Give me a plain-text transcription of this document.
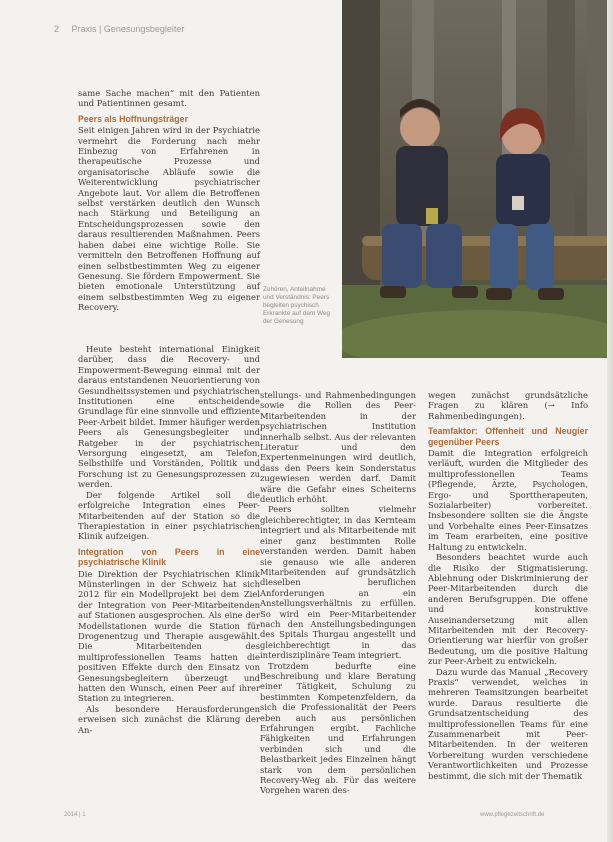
2 Praxis | Genesungsbegleiter
Zuhören, Anteilnahme und Verständnis: Peers begleiten psychisch Erkrankte auf dem Weg der Genesung

same Sache machen“ mit den Patienten und Patientinnen gesamt.

Peers als Hoffnungsträger

Seit einigen Jahren wird in der Psychiatrie vermehrt die Forderung nach mehr Einbezug von Erfahrenen in therapeutische Prozesse und organisatorische Abläufe sowie die Weiterentwicklung psychiatrischer Angebote laut. Vor allem die Betroffenen selbst verstärken deutlich den Wunsch nach Stärkung und Beteiligung an Entscheidungsprozessen sowie den daraus resultierenden Maßnahmen. Peers haben dabei eine wichtige Rolle. Sie vermitteln den Betroffenen Hoffnung auf einen selbstbestimmten Weg zu eigener Genesung. Sie fördern Empowerment. Sie bieten emotionale Unterstützung auf einem selbstbestimmten Weg zu eigener Recovery.

Heute besteht international Einigkeit darüber, dass die Recovery- und Empowerment-Bewegung einmal mit der daraus entstandenen Neuorientierung von Gesundheitssystemen und psychiatrischen Institutionen eine entscheidende Grundlage für eine sinnvolle und effiziente Peer-Arbeit bildet. Immer häufiger werden Peers als Genesungsbegleiter und Ratgeber in der psychiatrischen Versorgung eingesetzt, am Telefon, Selbsthilfe und Vorständen, Politik und Forschung ist zu Genesungsprozessen zu werden.

Der folgende Artikel soll die erfolgreiche Integration eines Peer-Mitarbeitenden auf der Station so die Therapiestation in einer psychiatrischen Klinik aufzeigen.

Integration von Peers in eine psychiatrische Klinik

Die Direktion der Psychiatrischen Klinik Münsterlingen in der Schweiz hat sich 2012 für ein Modellprojekt bei dem Ziel der Integration von Peer-Mitarbeitenden auf Stationen ausgesprochen. Als eine der Modellstationen wurde die Station für Drogenentzug und Therapie ausgewählt. Die Mitarbeitenden des multiprofessionellen Teams hatten die positiven Effekte durch den Einsatz von Genesungsbegleitern überzeugt und hatten den Wunsch, einen Peer auf ihrer Station zu integrieren.

Als besondere Herausforderungen erweisen sich zunächst die Klärung der An-

stellungs- und Rahmenbedingungen sowie die Rollen des Peer-Mitarbeitenden in der psychiatrischen Institution innerhalb selbst. Aus der relevanten Literatur und den Expertenmeinungen wird deutlich, dass den Peers kein Sonderstatus zugewiesen werden darf. Damit wäre die Gefahr eines Scheiterns deutlich erhöht.

Peers sollten vielmehr gleichberechtigter, in das Kernteam integriert und als Mitarbeitende mit einer ganz bestimmten Rolle verstanden werden. Damit haben sie genauso wie alle anderen Mitarbeitenden auf grundsätzlich dieselben beruflichen Anforderungen an ein Anstellungsverhältnis zu erfüllen. So wird ein Peer-Mitarbeitender nach den Anstellungsbedingungen des Spitals Thurgau angestellt und gleichberechtigt in das interdisziplinäre Team integriert.

Trotzdem bedurfte eine Beschreibung und klare Beratung einer Tätigkeit, Schulung zu bestimmten Kompetenzfeldern, da sich die Professionalität der Peers eben auch aus persönlichen Erfahrungen ergibt. Fachliche Fähigkeiten und Erfahrungen verbinden sich und die Belastbarkeit jedes Einzelnen hängt stark von dem persönlichen Recovery-Weg ab. Für das weitere Vorgehen waren des-

wegen zunächst grundsätzliche Fragen zu klären (→ Info Rahmenbedingungen).

Teamfaktor: Offenheit und Neugier gegenüber Peers

Damit die Integration erfolgreich verläuft, wurden die Mitglieder des multiprofessionellen Teams (Pflegende, Ärzte, Psychologen, Ergo- und Sporttherapeuten, Sozialarbeiter) vorbereitet. Insbesondere sollten sie die Ängste und Vorbehalte eines Peer-Einsatzes im Team erarbeiten, eine positive Haltung zu entwickeln.

Besonders beachtet wurde auch die Risiko der Stigmatisierung. Ablehnung oder Diskriminierung der Peer-Mitarbeitenden durch die anderen Berufsgruppen. Die offene und konstruktive Auseinandersetzung mit allen Mitarbeitenden mit der Recovery-Orientierung war hierfür von großer Bedeutung, um die positive Haltung zur Peer-Arbeit zu entwickeln.

Dazu wurde das Manual „Recovery Praxis“ verwendet, welches in mehreren Teamsitzungen bearbeitet wurde. Daraus resultierte die Grundsatzentscheidung des multiprofessionellen Teams für eine Zusammenarbeit mit Peer-Mitarbeitenden. In der weiteren Vorbereitung wurden verschiedene Verantwortlichkeiten und Prozesse bestimmt, die sich mit der Thematik

2014 | 1	www.pflegezeitschrift.de
